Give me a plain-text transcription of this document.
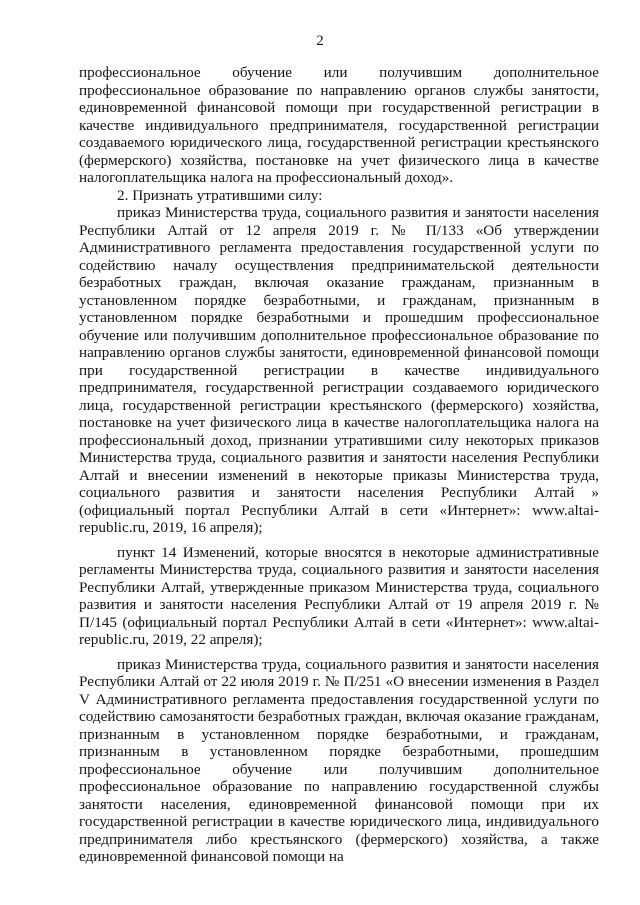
2

профессиональное обучение или получившим дополнительное профессиональное образование по направлению органов службы занятости, единовременной финансовой помощи при государственной регистрации в качестве индивидуального предпринимателя, государственной регистрации создаваемого юридического лица, государственной регистрации крестьянского (фермерского) хозяйства, постановке на учет физического лица в качестве налогоплательщика налога на профессиональный доход».

2. Признать утратившими силу:

приказ Министерства труда, социального развития и занятости населения Республики Алтай от 12 апреля 2019 г. № П/133 «Об утверждении Административного регламента предоставления государственной услуги по содействию началу осуществления предпринимательской деятельности безработных граждан, включая оказание гражданам, признанным в установленном порядке безработными, и гражданам, признанным в установленном порядке безработными и прошедшим профессиональное обучение или получившим дополнительное профессиональное образование по направлению органов службы занятости, единовременной финансовой помощи при государственной регистрации в качестве индивидуального предпринимателя, государственной регистрации создаваемого юридического лица, государственной регистрации крестьянского (фермерского) хозяйства, постановке на учет физического лица в качестве налогоплательщика налога на профессиональный доход, признании утратившими силу некоторых приказов Министерства труда, социального развития и занятости населения Республики Алтай и внесении изменений в некоторые приказы Министерства труда, социального развития и занятости населения Республики Алтай » (официальный портал Республики Алтай в сети «Интернет»: www.altai-republic.ru, 2019, 16 апреля);

пункт 14 Изменений, которые вносятся в некоторые административные регламенты Министерства труда, социального развития и занятости населения Республики Алтай, утвержденные приказом Министерства труда, социального развития и занятости населения Республики Алтай от 19 апреля 2019 г. № П/145 (официальный портал Республики Алтай в сети «Интернет»: www.altai-republic.ru, 2019, 22 апреля);

приказ Министерства труда, социального развития и занятости населения Республики Алтай от 22 июля 2019 г. № П/251 «О внесении изменения в Раздел V Административного регламента предоставления государственной услуги по содействию самозанятости безработных граждан, включая оказание гражданам, признанным в установленном порядке безработными, и гражданам, признанным в установленном порядке безработными, прошедшим профессиональное обучение или получившим дополнительное профессиональное образование по направлению государственной службы занятости населения, единовременной финансовой помощи при их государственной регистрации в качестве юридического лица, индивидуального предпринимателя либо крестьянского (фермерского) хозяйства, а также единовременной финансовой помощи на
